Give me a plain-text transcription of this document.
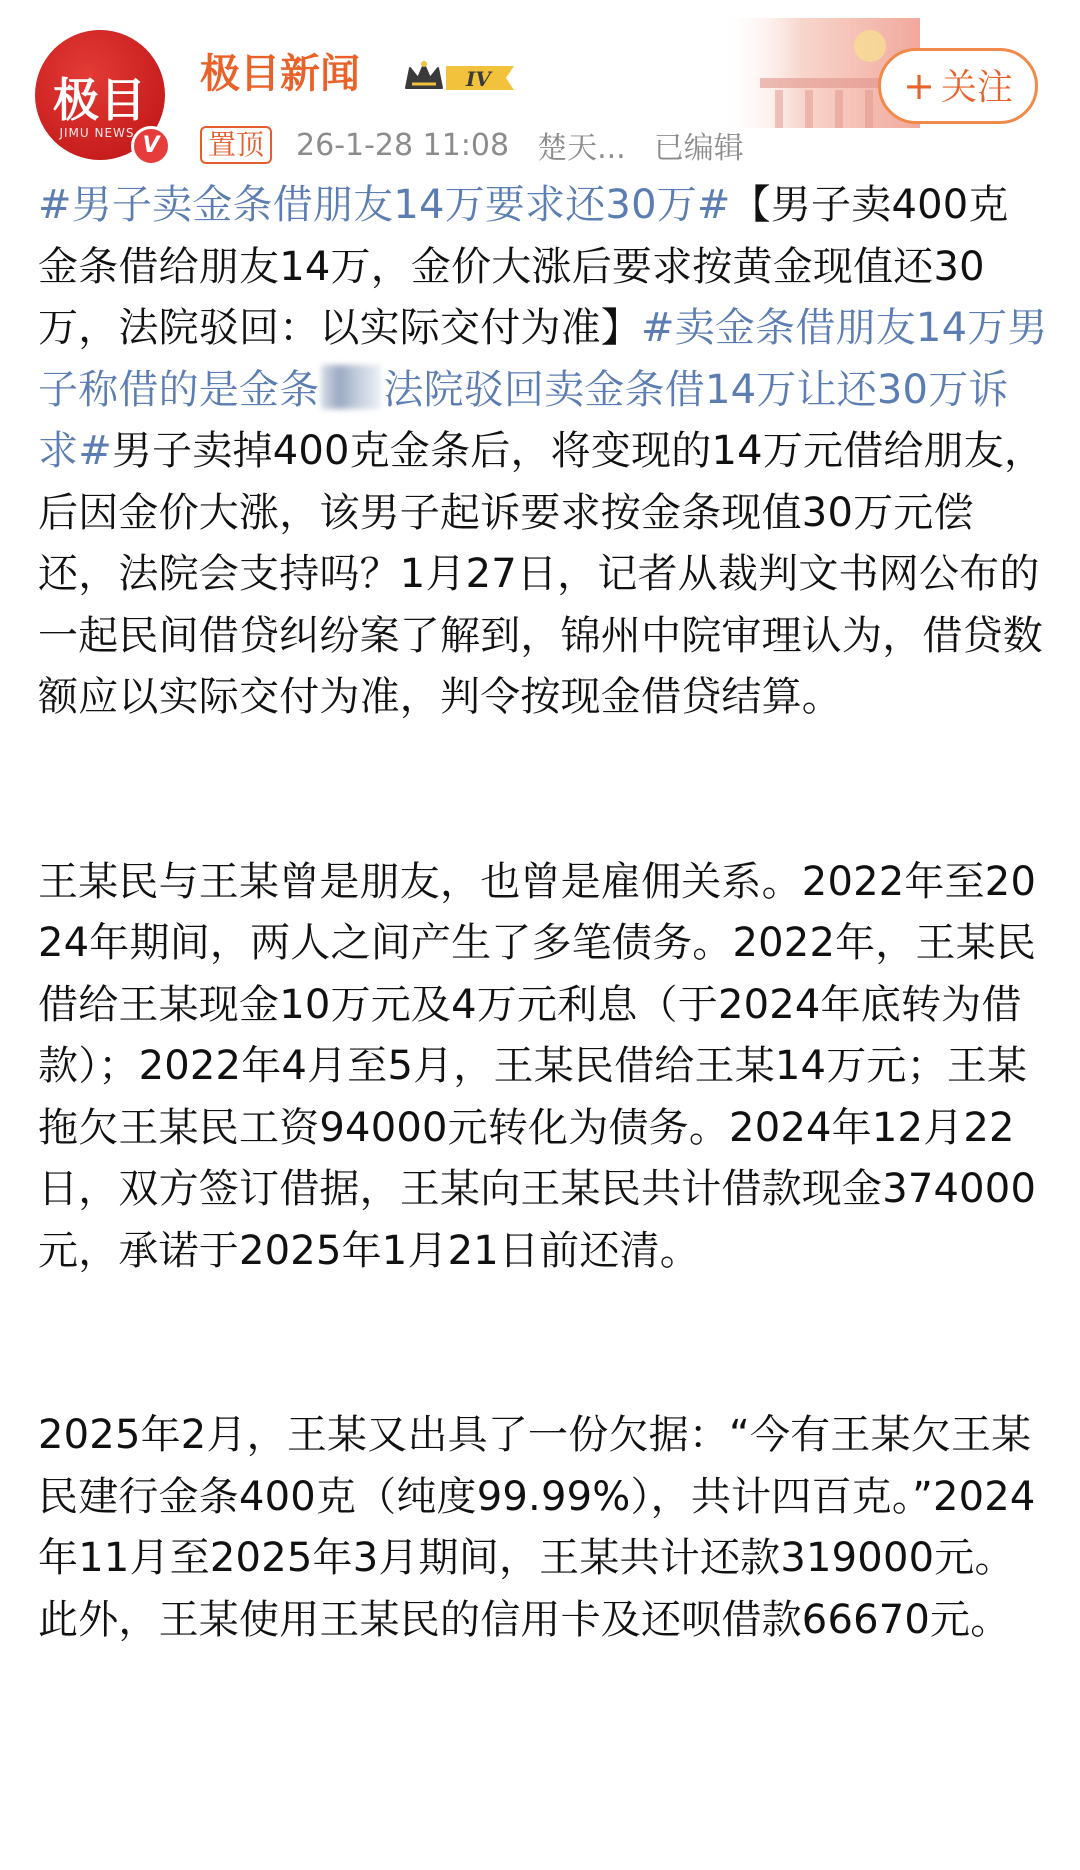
极目
JIMU NEWS V
极目新闻	IV
置顶 26-1-28 11:08 楚天... 已编辑
+ 关注

#男子卖金条借朋友14万要求还30万#【男子卖400克金条借给朋友14万，金价大涨后要求按黄金现值还30万，法院驳回：以实际交付为准】#卖金条借朋友14万男子称借的是金条 法院驳回卖金条借14万让还30万诉求#男子卖掉400克金条后，将变现的14万元借给朋友，后因金价大涨，该男子起诉要求按金条现值30万元偿还，法院会支持吗？1月27日，记者从裁判文书网公布的一起民间借贷纠纷案了解到，锦州中院审理认为，借贷数额应以实际交付为准，判令按现金借贷结算。

王某民与王某曾是朋友，也曾是雇佣关系。2022年至2024年期间，两人之间产生了多笔债务。2022年，王某民借给王某现金10万元及4万元利息（于2024年底转为借款）；2022年4月至5月，王某民借给王某14万元；王某拖欠王某民工资94000元转化为债务。2024年12月22日，双方签订借据，王某向王某民共计借款现金374000元，承诺于2025年1月21日前还清。

2025年2月，王某又出具了一份欠据：“今有王某欠王某民建行金条400克（纯度99.99%），共计四百克。”2024年11月至2025年3月期间，王某共计还款319000元。此外，王某使用王某民的信用卡及还呗借款66670元。
